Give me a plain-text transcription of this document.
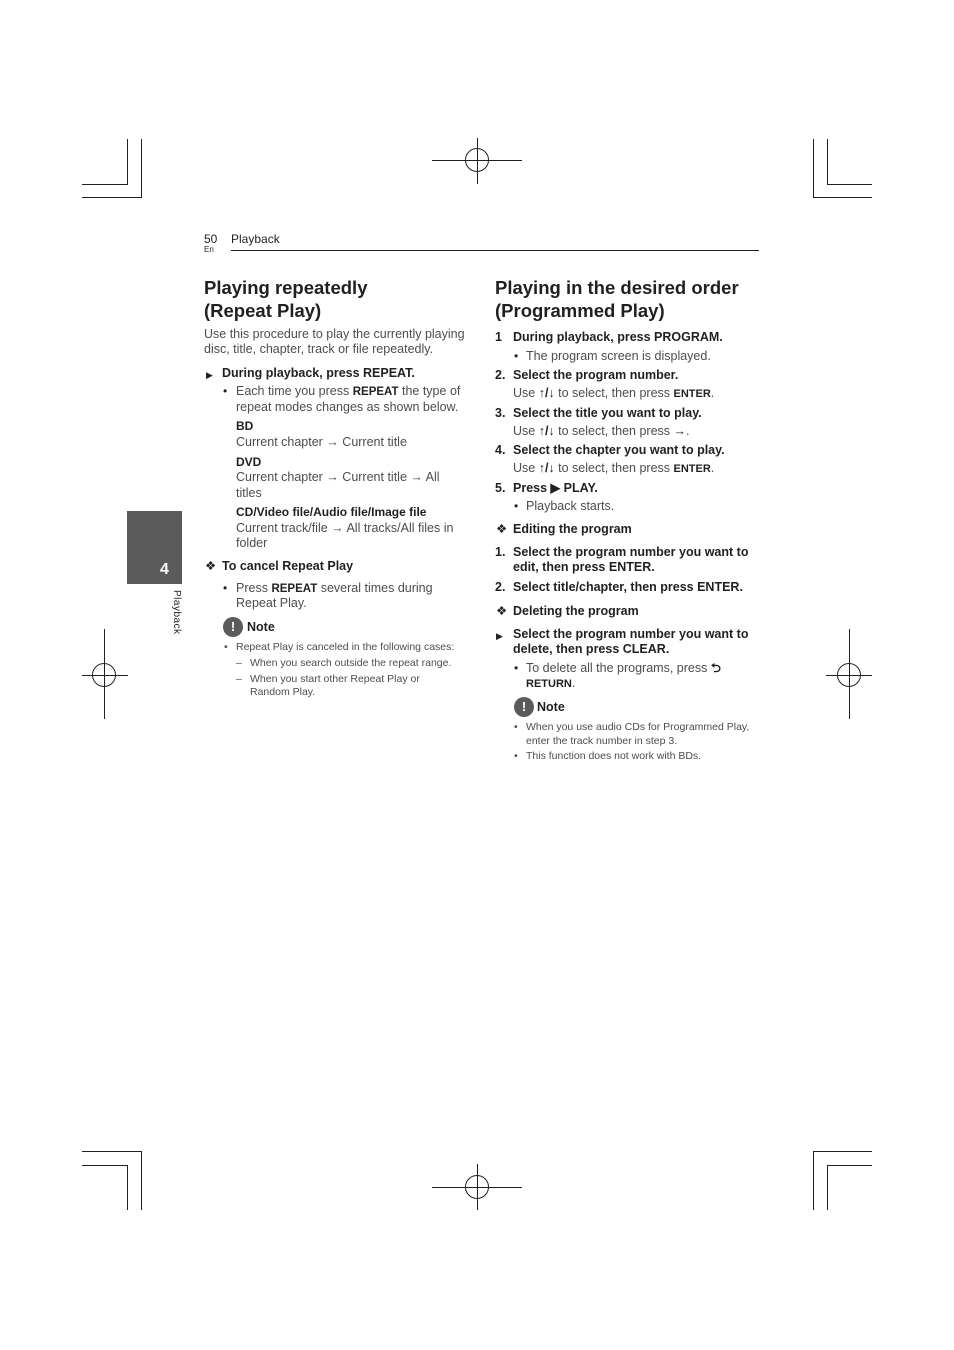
50
En
Playback
4
Playback
Playing repeatedly
(Repeat Play)
Use this procedure to play the currently playing
disc, title, chapter, track or file repeatedly.
▶ During playback, press REPEAT.
• Each time you press REPEAT the type of
repeat modes changes as shown below.
BD
Current chapter → Current title
DVD
Current chapter → Current title → All
titles
CD/Video file/Audio file/Image file
Current track/file → All tracks/All files in
folder
❖ To cancel Repeat Play
• Press REPEAT several times during
Repeat Play.
! Note
• Repeat Play is canceled in the following cases:
– When you search outside the repeat range.
– When you start other Repeat Play or
Random Play.
Playing in the desired order
(Programmed Play)
1 During playback, press PROGRAM.
• The program screen is displayed.
2. Select the program number.
Use ↑/↓ to select, then press ENTER.
3. Select the title you want to play.
Use ↑/↓ to select, then press →.
4. Select the chapter you want to play.
Use ↑/↓ to select, then press ENTER.
5. Press ▶ PLAY.
• Playback starts.
❖ Editing the program
1. Select the program number you want to
edit, then press ENTER.
2. Select title/chapter, then press ENTER.
❖ Deleting the program
▶ Select the program number you want to
delete, then press CLEAR.
• To delete all the programs, press ⮌
RETURN.
! Note
• When you use audio CDs for Programmed Play,
enter the track number in step 3.
• This function does not work with BDs.
